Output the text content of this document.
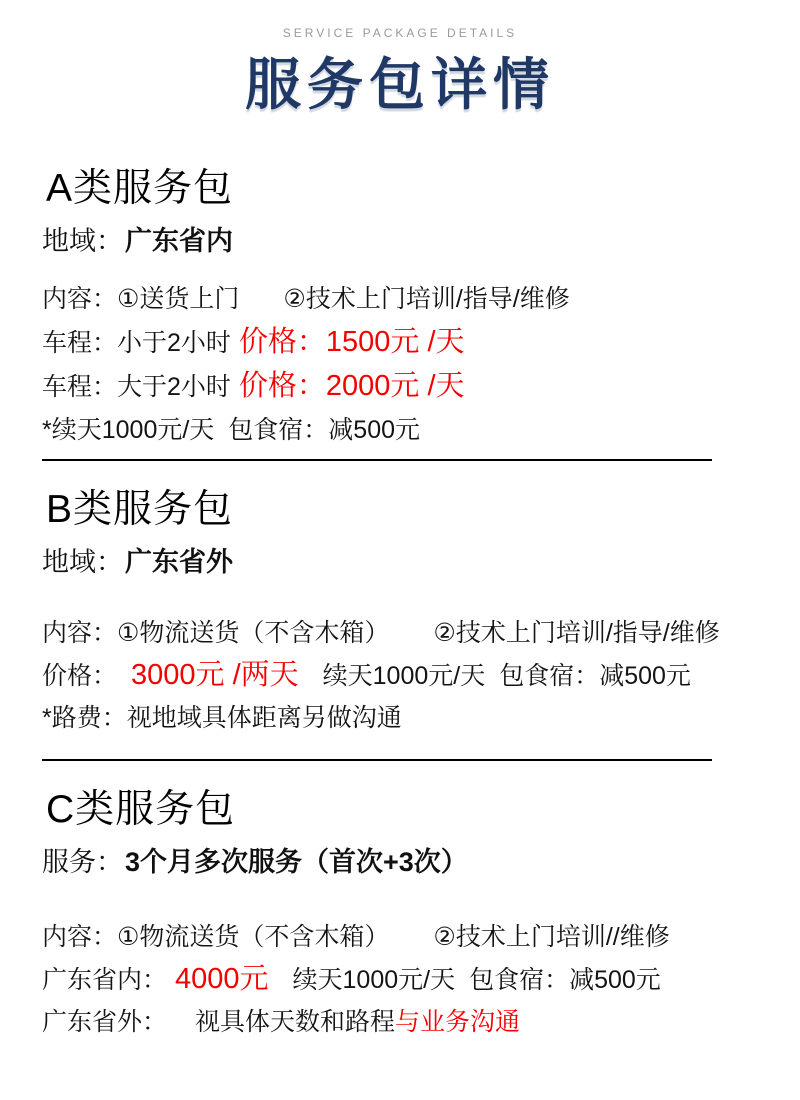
SERVICE PACKAGE DETAILS
服务包详情
A类服务包
地域：广东省内
内容：①送货上门 ②技术上门培训/指导/维修
车程：小于2小时 价格：1500元 /天
车程：大于2小时 价格：2000元 /天
*续天1000元/天 包食宿：减500元
B类服务包
地域：广东省外
内容：①物流送货（不含木箱） ②技术上门培训/指导/维修
价格： 3000元 /两天 续天1000元/天 包食宿：减500元
*路费：视地域具体距离另做沟通
C类服务包
服务：3个月多次服务（首次+3次）
内容：①物流送货（不含木箱） ②技术上门培训//维修
广东省内： 4000元 续天1000元/天 包食宿：减500元
广东省外： 视具体天数和路程与业务沟通
